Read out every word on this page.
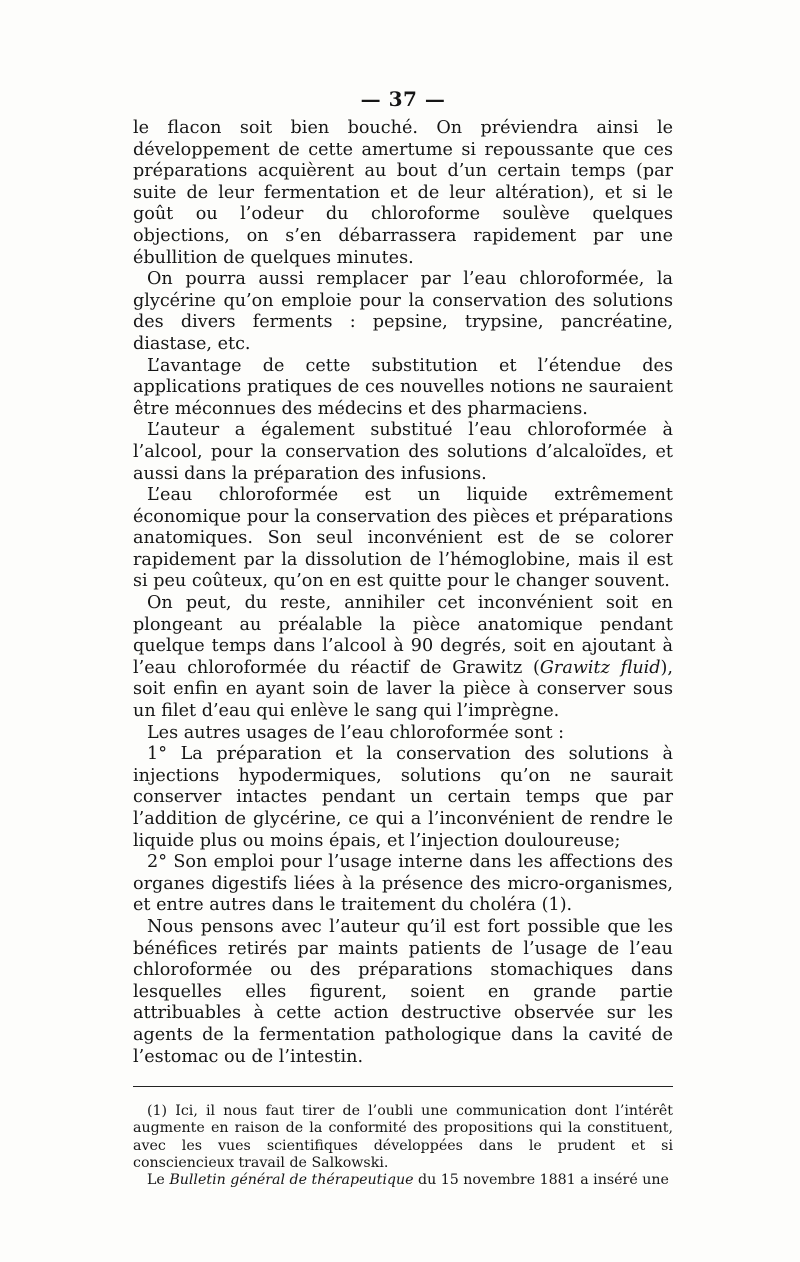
— 37 —

le flacon soit bien bouché. On préviendra ainsi le développement de cette amertume si repoussante que ces préparations acquièrent au bout d’un certain temps (par suite de leur fermentation et de leur altération), et si le goût ou l’odeur du chloroforme soulève quelques objections, on s’en débarrassera rapidement par une ébullition de quelques minutes.

On pourra aussi remplacer par l’eau chloroformée, la glycérine qu’on emploie pour la conservation des solutions des divers ferments : pepsine, trypsine, pancréatine, diastase, etc.

L’avantage de cette substitution et l’étendue des applications pratiques de ces nouvelles notions ne sauraient être méconnues des médecins et des pharmaciens.

L’auteur a également substitué l’eau chloroformée à l’alcool, pour la conservation des solutions d’alcaloïdes, et aussi dans la préparation des infusions.

L’eau chloroformée est un liquide extrêmement économique pour la conservation des pièces et préparations anatomiques. Son seul inconvénient est de se colorer rapidement par la dissolution de l’hémoglobine, mais il est si peu coûteux, qu’on en est quitte pour le changer souvent.

On peut, du reste, annihiler cet inconvénient soit en plongeant au préalable la pièce anatomique pendant quelque temps dans l’alcool à 90 degrés, soit en ajoutant à l’eau chloroformée du réactif de Grawitz (Grawitz fluid), soit enfin en ayant soin de laver la pièce à conserver sous un filet d’eau qui enlève le sang qui l’imprègne.

Les autres usages de l’eau chloroformée sont :

1° La préparation et la conservation des solutions à injections hypodermiques, solutions qu’on ne saurait conserver intactes pendant un certain temps que par l’addition de glycérine, ce qui a l’inconvénient de rendre le liquide plus ou moins épais, et l’injection douloureuse;

2° Son emploi pour l’usage interne dans les affections des organes digestifs liées à la présence des micro-organismes, et entre autres dans le traitement du choléra (1).

Nous pensons avec l’auteur qu’il est fort possible que les bénéfices retirés par maints patients de l’usage de l’eau chloroformée ou des préparations stomachiques dans lesquelles elles figurent, soient en grande partie attribuables à cette action destructive observée sur les agents de la fermentation pathologique dans la cavité de l’estomac ou de l’intestin.

(1) Ici, il nous faut tirer de l’oubli une communication dont l’intérêt augmente en raison de la conformité des propositions qui la constituent, avec les vues scientifiques développées dans le prudent et si consciencieux travail de Salkowski.

Le Bulletin général de thérapeutique du 15 novembre 1881 a inséré une
